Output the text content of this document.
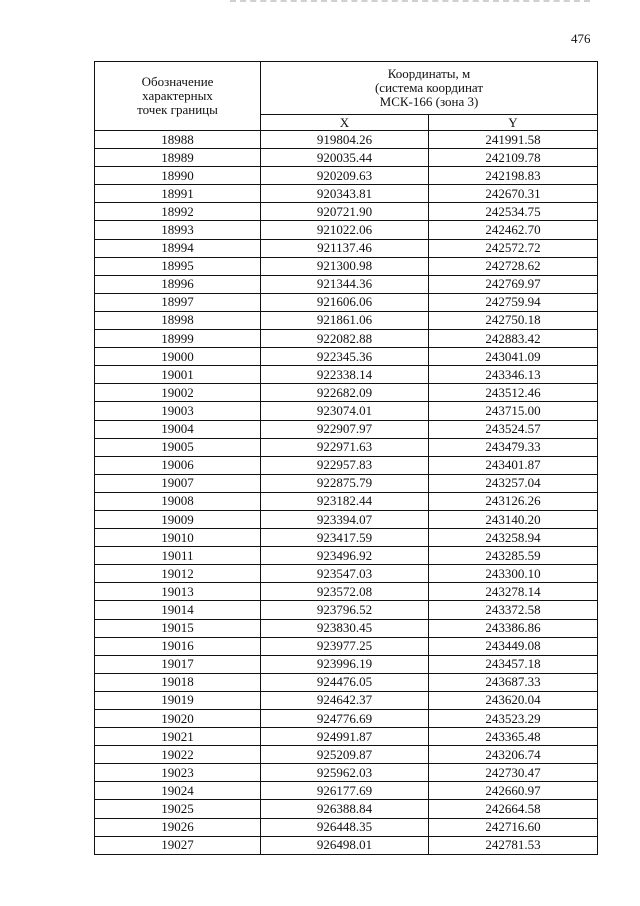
476
Обозначение
характерных
точек границы	Координаты, м
(система координат
МСК-166 (зона 3)	

	X	Y
18988	919804.26	241991.58
18989	920035.44	242109.78
18990	920209.63	242198.83
18991	920343.81	242670.31
18992	920721.90	242534.75
18993	921022.06	242462.70
18994	921137.46	242572.72
18995	921300.98	242728.62
18996	921344.36	242769.97
18997	921606.06	242759.94
18998	921861.06	242750.18
18999	922082.88	242883.42
19000	922345.36	243041.09
19001	922338.14	243346.13
19002	922682.09	243512.46
19003	923074.01	243715.00
19004	922907.97	243524.57
19005	922971.63	243479.33
19006	922957.83	243401.87
19007	922875.79	243257.04
19008	923182.44	243126.26
19009	923394.07	243140.20
19010	923417.59	243258.94
19011	923496.92	243285.59
19012	923547.03	243300.10
19013	923572.08	243278.14
19014	923796.52	243372.58
19015	923830.45	243386.86
19016	923977.25	243449.08
19017	923996.19	243457.18
19018	924476.05	243687.33
19019	924642.37	243620.04
19020	924776.69	243523.29
19021	924991.87	243365.48
19022	925209.87	243206.74
19023	925962.03	242730.47
19024	926177.69	242660.97
19025	926388.84	242664.58
19026	926448.35	242716.60
19027	926498.01	242781.53
